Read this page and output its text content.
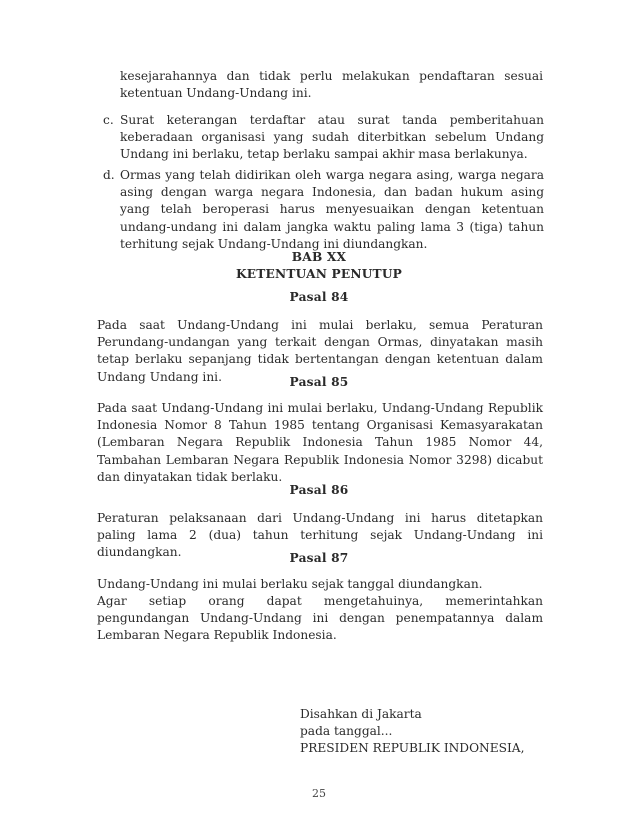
kesejarahannya dan tidak perlu melakukan pendaftaran sesuai ketentuan Undang-Undang ini.

c. Surat keterangan terdaftar atau surat tanda pemberitahuan keberadaan organisasi yang sudah diterbitkan sebelum Undang Undang ini berlaku, tetap berlaku sampai akhir masa berlakunya.
d. Ormas yang telah didirikan oleh warga negara asing, warga negara asing dengan warga negara Indonesia, dan badan hukum asing yang telah beroperasi harus menyesuaikan dengan ketentuan undang-undang ini dalam jangka waktu paling lama 3 (tiga) tahun terhitung sejak Undang-Undang ini diundangkan.

BAB XX

KETENTUAN PENUTUP

Pasal 84

Pada saat Undang-Undang ini mulai berlaku, semua Peraturan Perundang-undangan yang terkait dengan Ormas, dinyatakan masih tetap berlaku sepanjang tidak bertentangan dengan ketentuan dalam Undang Undang ini.	Pasal 85

Pada saat Undang-Undang ini mulai berlaku, Undang-Undang Republik Indonesia Nomor 8 Tahun 1985 tentang Organisasi Kemasyarakatan (Lembaran Negara Republik Indonesia Tahun 1985 Nomor 44, Tambahan Lembaran Negara Republik Indonesia Nomor 3298) dicabut dan dinyatakan tidak berlaku.

Pasal 86

Peraturan pelaksanaan dari Undang-Undang ini harus ditetapkan paling lama 2 (dua) tahun terhitung sejak Undang-Undang ini diundangkan.	Pasal 87

Undang-Undang ini mulai berlaku sejak tanggal diundangkan.

Agar setiap orang dapat mengetahuinya, memerintahkan pengundangan Undang-Undang ini dengan penempatannya dalam Lembaran Negara Republik Indonesia.

Disahkan di Jakarta

pada tanggal...

PRESIDEN REPUBLIK INDONESIA,

25
